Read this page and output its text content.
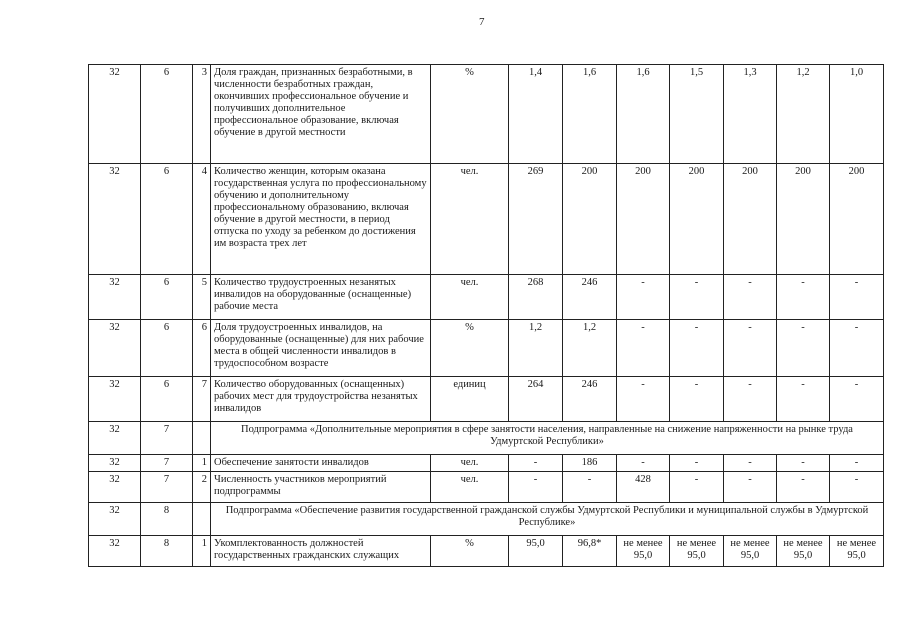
7
32	6	3	Доля граждан, признанных безработными, в численности безработных граждан, окончивших профессиональное обучение и получивших дополнительное профессиональное образование, включая обучение в другой местности	%	1,4	1,6	1,6	1,5	1,3	1,2	1,0
32	6	4	Количество женщин, которым оказана государственная услуга по профессиональному обучению и дополнительному профессиональному образованию, включая обучение в другой местности, в период отпуска по уходу за ребенком до достижения им возраста трех лет	чел.	269	200	200	200	200	200	200
32	6	5	Количество трудоустроенных незанятых инвалидов на оборудованные (оснащенные) рабочие места	чел.	268	246	-	-	-	-	-
32	6	6	Доля трудоустроенных инвалидов, на оборудованные (оснащенные) для них рабочие места в общей численности инвалидов в трудоспособном возрасте	%	1,2	1,2	-	-	-	-	-
32	6	7	Количество оборудованных (оснащенных) рабочих мест для трудоустройства незанятых инвалидов	единиц	264	246	-	-	-	-	-
32	7		Подпрограмма «Дополнительные мероприятия в сфере занятости населения, направленные на снижение напряженности на рынке труда Удмуртской Республики»								
32	7	1	Обеспечение занятости инвалидов	чел.	-	186	-	-	-	-	-
32	7	2	Численность участников мероприятий подпрограммы	чел.	-	-	428	-	-	-	-
32	8		Подпрограмма «Обеспечение развития государственной гражданской службы Удмуртской Республики и муниципальной службы в Удмуртской Республике»								
32	8	1	Укомплектованность должностей государственных гражданских служащих	%	95,0	96,8*	не менее 95,0	не менее 95,0	не менее 95,0	не менее 95,0	не менее 95,0
